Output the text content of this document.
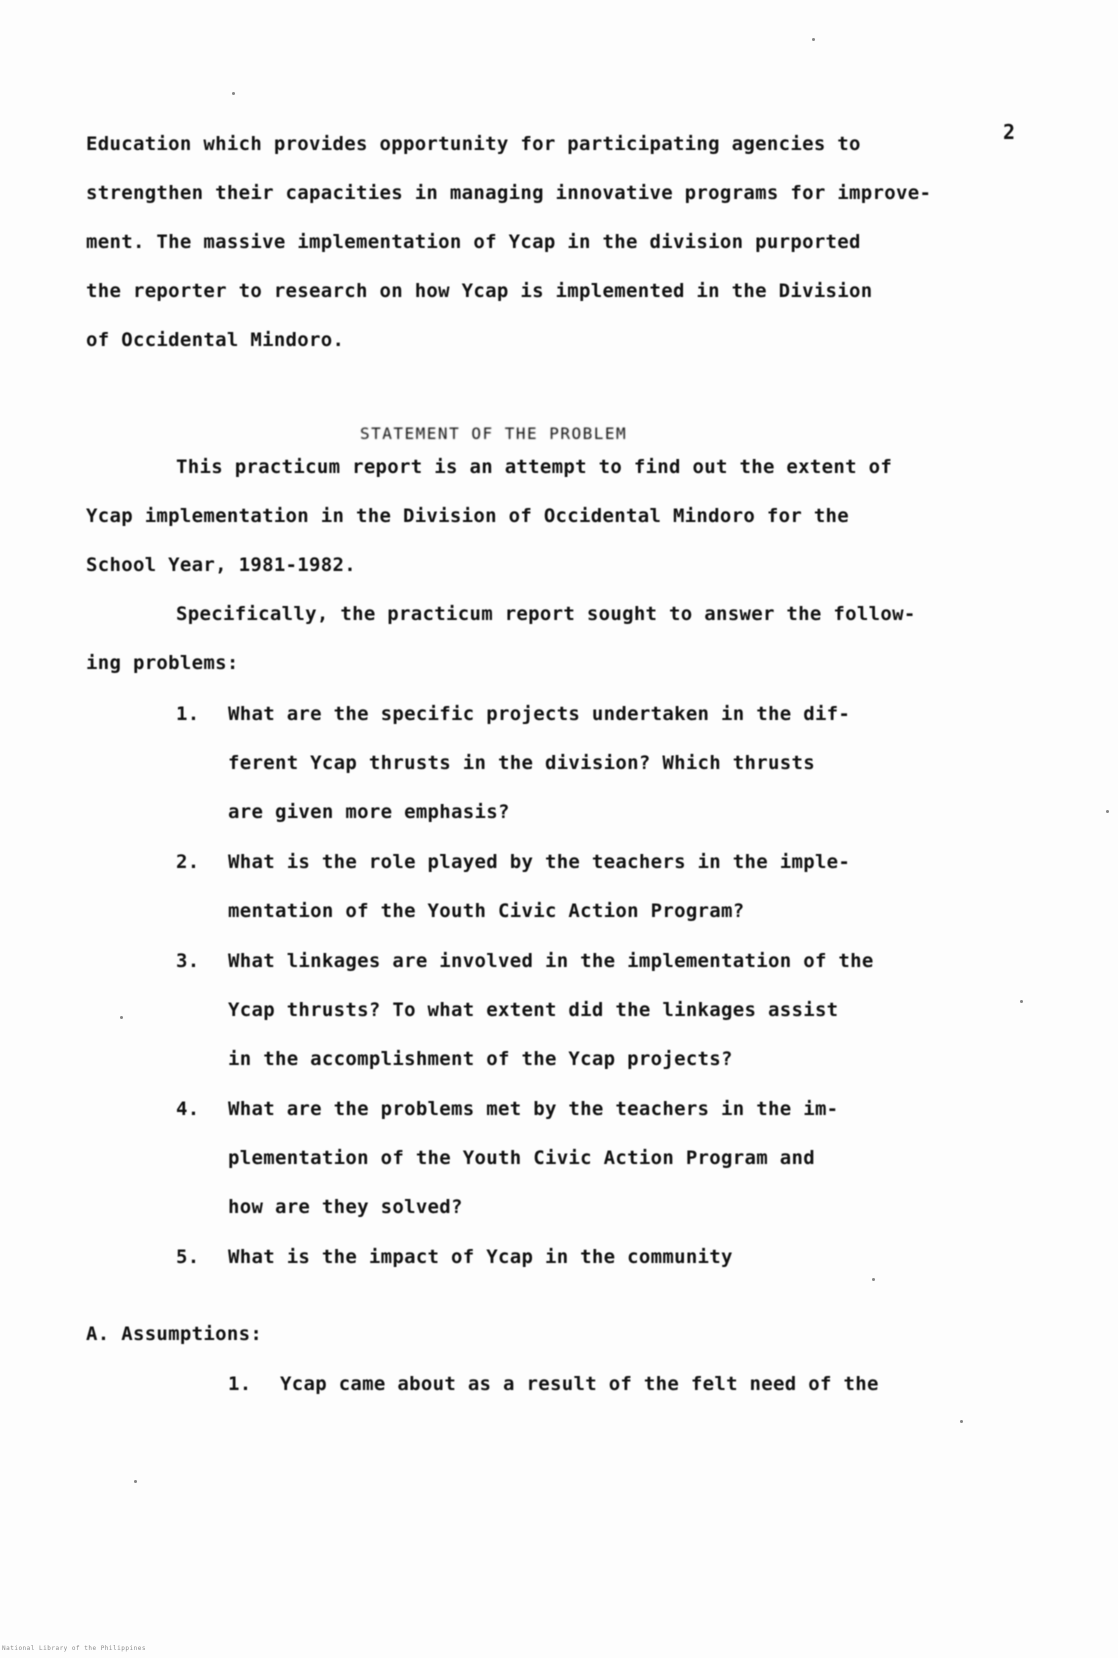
2
Education which provides opportunity for participating agencies to
strengthen their capacities in managing innovative programs for improve-
ment. The massive implementation of Ycap in the division purported
the reporter to research on how Ycap is implemented in the Division
of Occidental Mindoro.
STATEMENT OF THE PROBLEM
This practicum report is an attempt to find out the extent of
Ycap implementation in the Division of Occidental Mindoro for the
School Year, 1981-1982.
Specifically, the practicum report sought to answer the follow-
ing problems:
1. What are the specific projects undertaken in the dif-
ferent Ycap thrusts in the division? Which thrusts
are given more emphasis?
2. What is the role played by the teachers in the imple-
mentation of the Youth Civic Action Program?
3. What linkages are involved in the implementation of the
Ycap thrusts? To what extent did the linkages assist
in the accomplishment of the Ycap projects?
4. What are the problems met by the teachers in the im-
plementation of the Youth Civic Action Program and
how are they solved?
5. What is the impact of Ycap in the community
A. Assumptions:
1. Ycap came about as a result of the felt need of the
National Library of the Philippines
